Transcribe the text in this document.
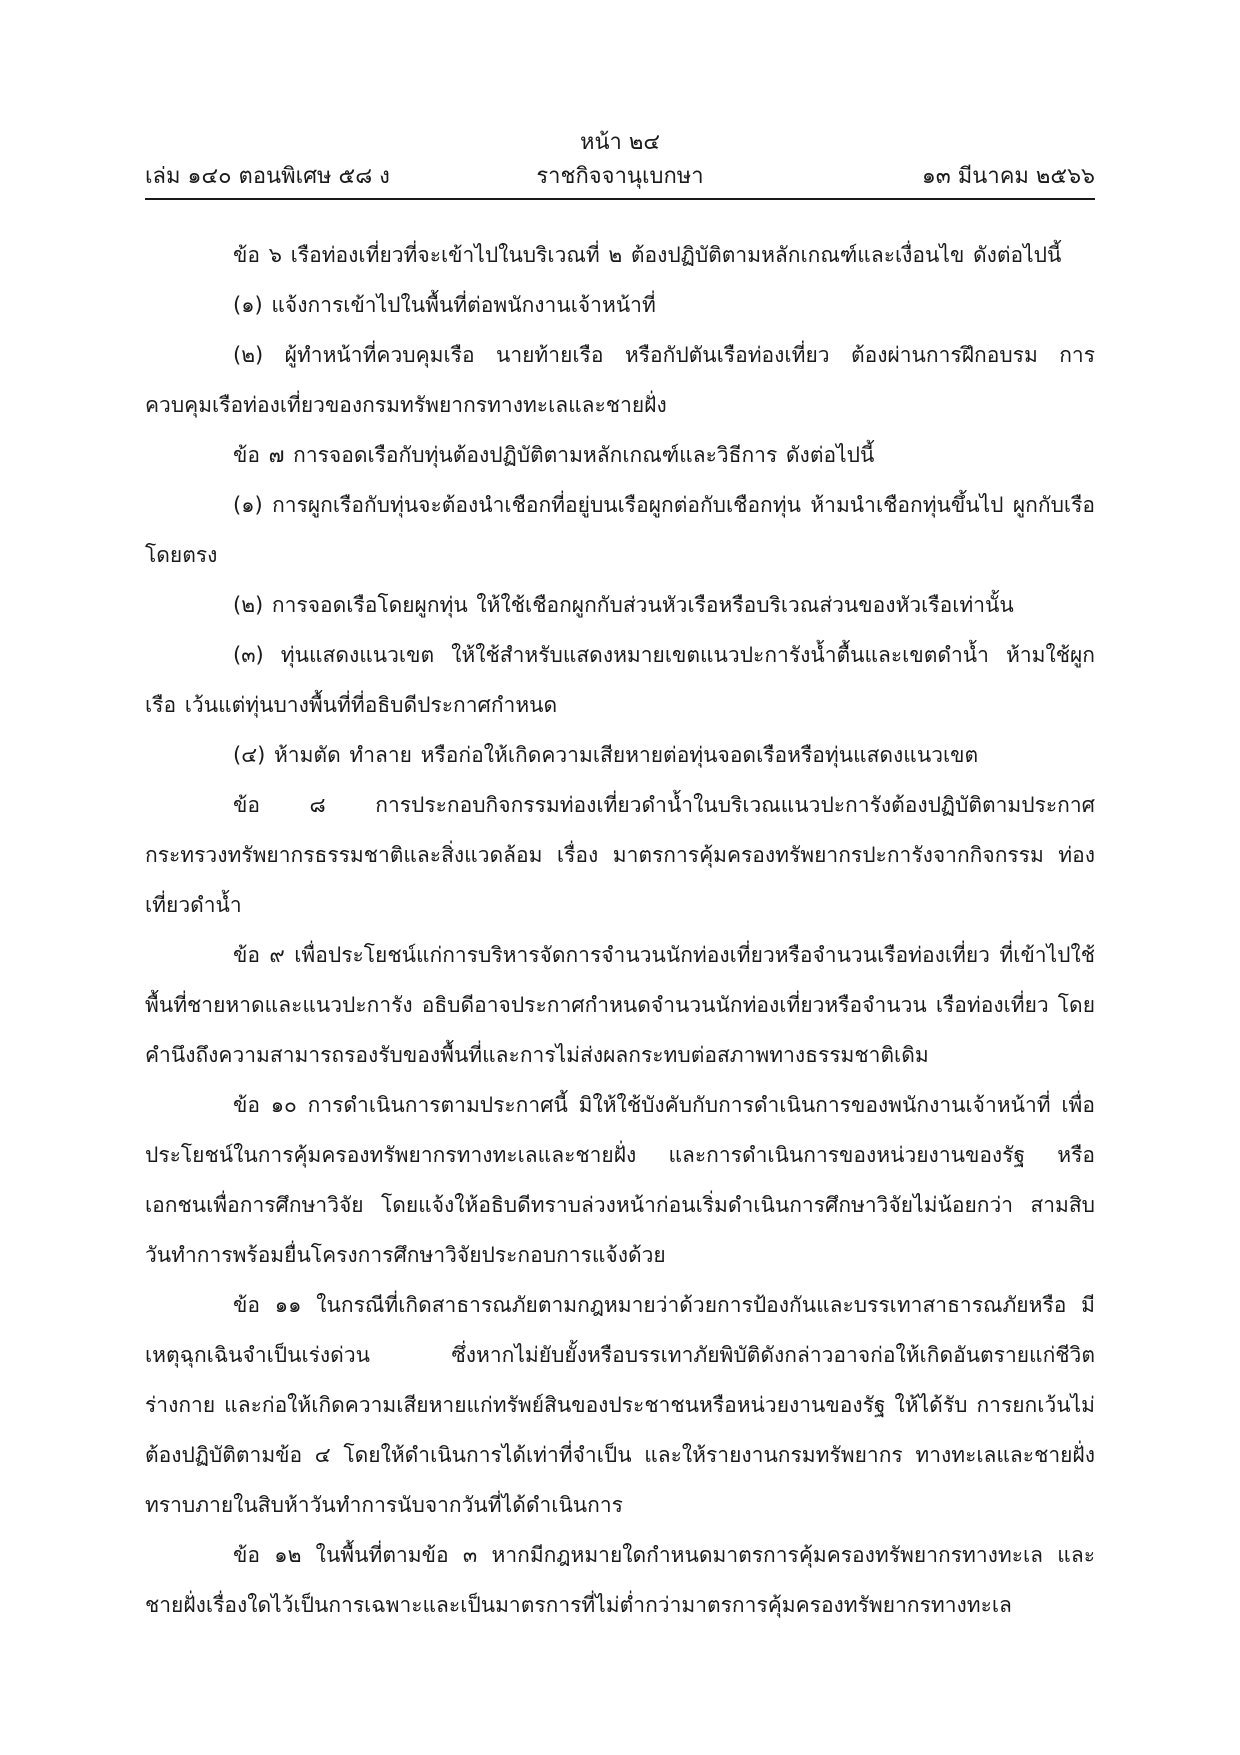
หน้า ๒๔
เล่ม ๑๔๐ ตอนพิเศษ ๕๘ ง	ราชกิจจานุเบกษา	๑๓ มีนาคม ๒๕๖๖

ข้อ ๖ เรือท่องเที่ยวที่จะเข้าไปในบริเวณที่ ๒ ต้องปฏิบัติตามหลักเกณฑ์และเงื่อนไข ดังต่อไปนี้

(๑) แจ้งการเข้าไปในพื้นที่ต่อพนักงานเจ้าหน้าที่

(๒) ผู้ทำหน้าที่ควบคุมเรือ นายท้ายเรือ หรือกัปตันเรือท่องเที่ยว ต้องผ่านการฝึกอบรม การควบคุมเรือท่องเที่ยวของกรมทรัพยากรทางทะเลและชายฝั่ง

ข้อ ๗ การจอดเรือกับทุ่นต้องปฏิบัติตามหลักเกณฑ์และวิธีการ ดังต่อไปนี้

(๑) การผูกเรือกับทุ่นจะต้องนำเชือกที่อยู่บนเรือผูกต่อกับเชือกทุ่น ห้ามนำเชือกทุ่นขึ้นไป ผูกกับเรือโดยตรง

(๒) การจอดเรือโดยผูกทุ่น ให้ใช้เชือกผูกกับส่วนหัวเรือหรือบริเวณส่วนของหัวเรือเท่านั้น

(๓) ทุ่นแสดงแนวเขต ให้ใช้สำหรับแสดงหมายเขตแนวปะการังน้ำตื้นและเขตดำน้ำ ห้ามใช้ผูกเรือ เว้นแต่ทุ่นบางพื้นที่ที่อธิบดีประกาศกำหนด

(๔) ห้ามตัด ทำลาย หรือก่อให้เกิดความเสียหายต่อทุ่นจอดเรือหรือทุ่นแสดงแนวเขต

ข้อ ๘ การประกอบกิจกรรมท่องเที่ยวดำน้ำในบริเวณแนวปะการังต้องปฏิบัติตามประกาศ กระทรวงทรัพยากรธรรมชาติและสิ่งแวดล้อม เรื่อง มาตรการคุ้มครองทรัพยากรปะการังจากกิจกรรม ท่องเที่ยวดำน้ำ

ข้อ ๙ เพื่อประโยชน์แก่การบริหารจัดการจำนวนนักท่องเที่ยวหรือจำนวนเรือท่องเที่ยว ที่เข้าไปใช้พื้นที่ชายหาดและแนวปะการัง อธิบดีอาจประกาศกำหนดจำนวนนักท่องเที่ยวหรือจำนวน เรือท่องเที่ยว โดยคำนึงถึงความสามารถรองรับของพื้นที่และการไม่ส่งผลกระทบต่อสภาพทางธรรมชาติเดิม

ข้อ ๑๐ การดำเนินการตามประกาศนี้ มิให้ใช้บังคับกับการดำเนินการของพนักงานเจ้าหน้าที่ เพื่อประโยชน์ในการคุ้มครองทรัพยากรทางทะเลและชายฝั่ง และการดำเนินการของหน่วยงานของรัฐ หรือเอกชนเพื่อการศึกษาวิจัย โดยแจ้งให้อธิบดีทราบล่วงหน้าก่อนเริ่มดำเนินการศึกษาวิจัยไม่น้อยกว่า สามสิบวันทำการพร้อมยื่นโครงการศึกษาวิจัยประกอบการแจ้งด้วย

ข้อ ๑๑ ในกรณีที่เกิดสาธารณภัยตามกฎหมายว่าด้วยการป้องกันและบรรเทาสาธารณภัยหรือ มีเหตุฉุกเฉินจำเป็นเร่งด่วน ซึ่งหากไม่ยับยั้งหรือบรรเทาภัยพิบัติดังกล่าวอาจก่อให้เกิดอันตรายแก่ชีวิต ร่างกาย และก่อให้เกิดความเสียหายแก่ทรัพย์สินของประชาชนหรือหน่วยงานของรัฐ ให้ได้รับ การยกเว้นไม่ต้องปฏิบัติตามข้อ ๔ โดยให้ดำเนินการได้เท่าที่จำเป็น และให้รายงานกรมทรัพยากร ทางทะเลและชายฝั่งทราบภายในสิบห้าวันทำการนับจากวันที่ได้ดำเนินการ

ข้อ ๑๒ ในพื้นที่ตามข้อ ๓ หากมีกฎหมายใดกำหนดมาตรการคุ้มครองทรัพยากรทางทะเล และชายฝั่งเรื่องใดไว้เป็นการเฉพาะและเป็นมาตรการที่ไม่ต่ำกว่ามาตรการคุ้มครองทรัพยากรทางทะเล
